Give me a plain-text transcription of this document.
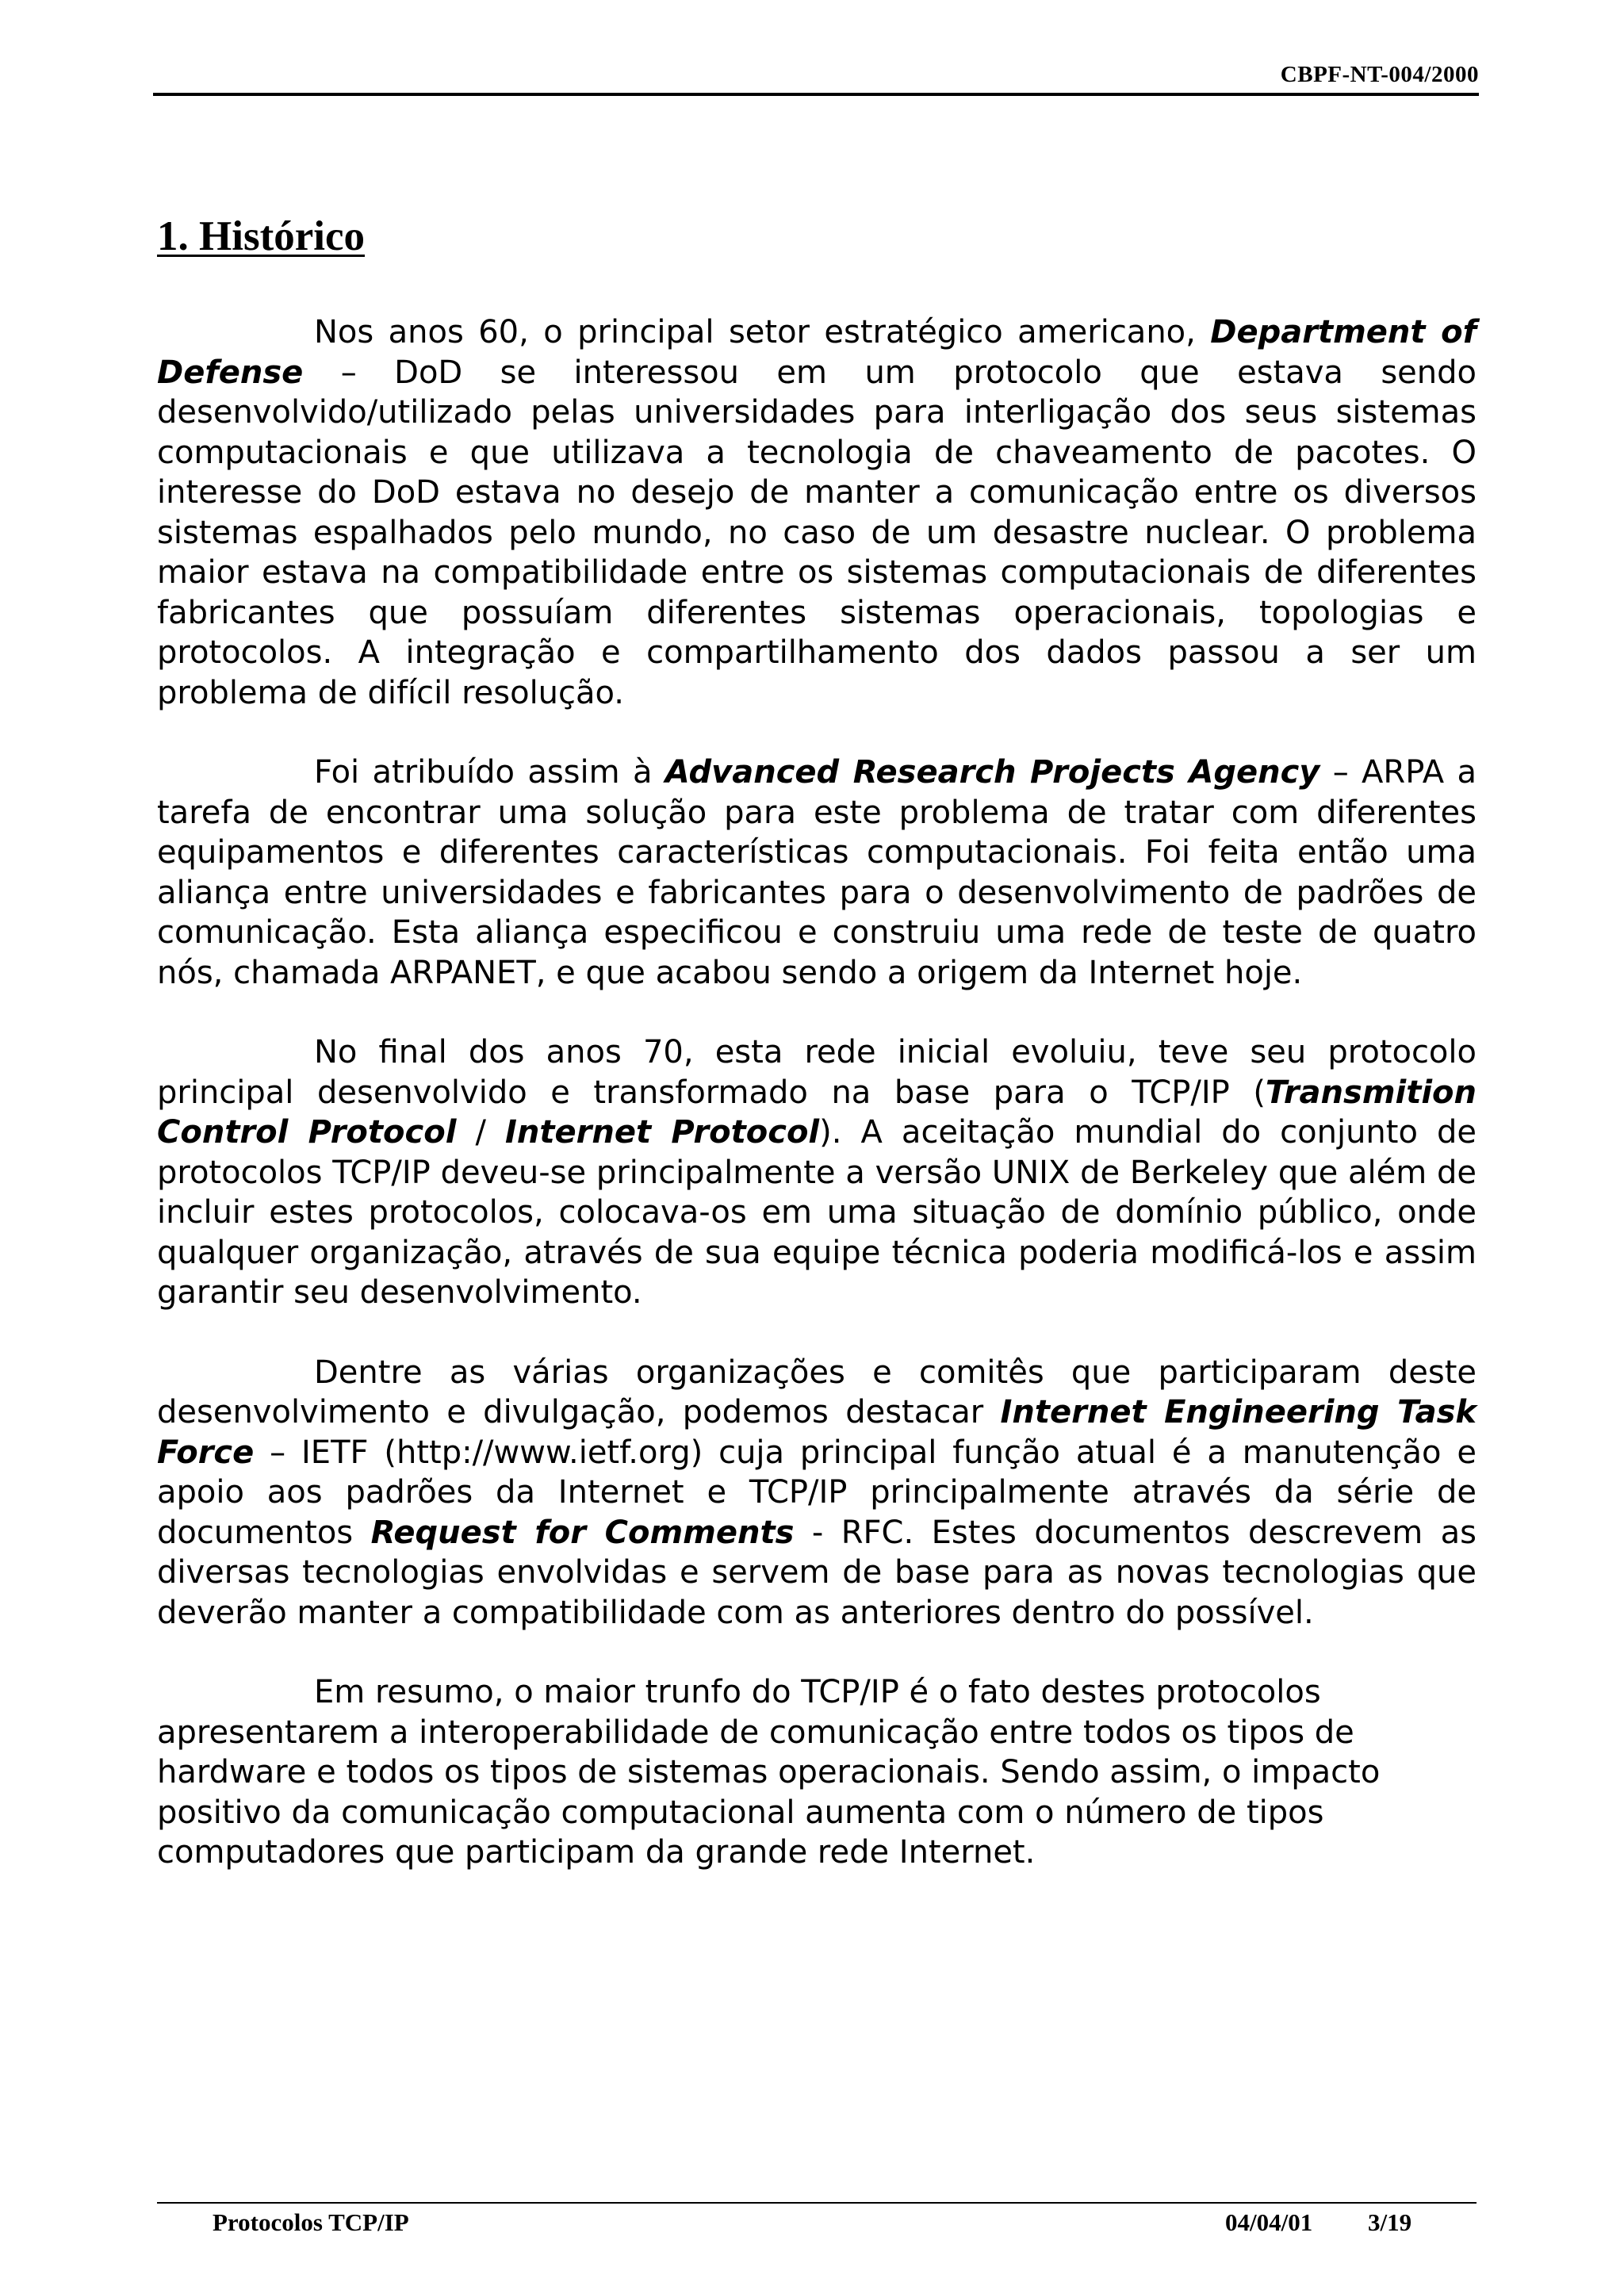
CBPF-NT-004/2000
1. Histórico

Nos anos 60, o principal setor estratégico americano, Department of Defense – DoD se interessou em um protocolo que estava sendo desenvolvido/utilizado pelas universidades para interligação dos seus sistemas computacionais e que utilizava a tecnologia de chaveamento de pacotes. O interesse do DoD estava no desejo de manter a comunicação entre os diversos sistemas espalhados pelo mundo, no caso de um desastre nuclear. O problema maior estava na compatibilidade entre os sistemas computacionais de diferentes fabricantes que possuíam diferentes sistemas operacionais, topologias e protocolos. A integração e compartilhamento dos dados passou a ser um problema de difícil resolução.

Foi atribuído assim à Advanced Research Projects Agency – ARPA a tarefa de encontrar uma solução para este problema de tratar com diferentes equipamentos e diferentes características computacionais. Foi feita então uma aliança entre universidades e fabricantes para o desenvolvimento de padrões de comunicação. Esta aliança especificou e construiu uma rede de teste de quatro nós, chamada ARPANET, e que acabou sendo a origem da Internet hoje.

No final dos anos 70, esta rede inicial evoluiu, teve seu protocolo principal desenvolvido e transformado na base para o TCP/IP (Transmition Control Protocol / Internet Protocol). A aceitação mundial do conjunto de protocolos TCP/IP deveu-se principalmente a versão UNIX de Berkeley que além de incluir estes protocolos, colocava-os em uma situação de domínio público, onde qualquer organização, através de sua equipe técnica poderia modificá-los e assim garantir seu desenvolvimento.

Dentre as várias organizações e comitês que participaram deste desenvolvimento e divulgação, podemos destacar Internet Engineering Task Force – IETF (http://www.ietf.org) cuja principal função atual é a manutenção e apoio aos padrões da Internet e TCP/IP principalmente através da série de documentos Request for Comments - RFC. Estes documentos descrevem as diversas tecnologias envolvidas e servem de base para as novas tecnologias que deverão manter a compatibilidade com as anteriores dentro do possível.

Em resumo, o maior trunfo do TCP/IP é o fato destes protocolos apresentarem a interoperabilidade de comunicação entre todos os tipos de hardware e todos os tipos de sistemas operacionais. Sendo assim, o impacto positivo da comunicação computacional aumenta com o número de tipos computadores que participam da grande rede Internet.

Protocolos TCP/IP	04/04/01 3/19
